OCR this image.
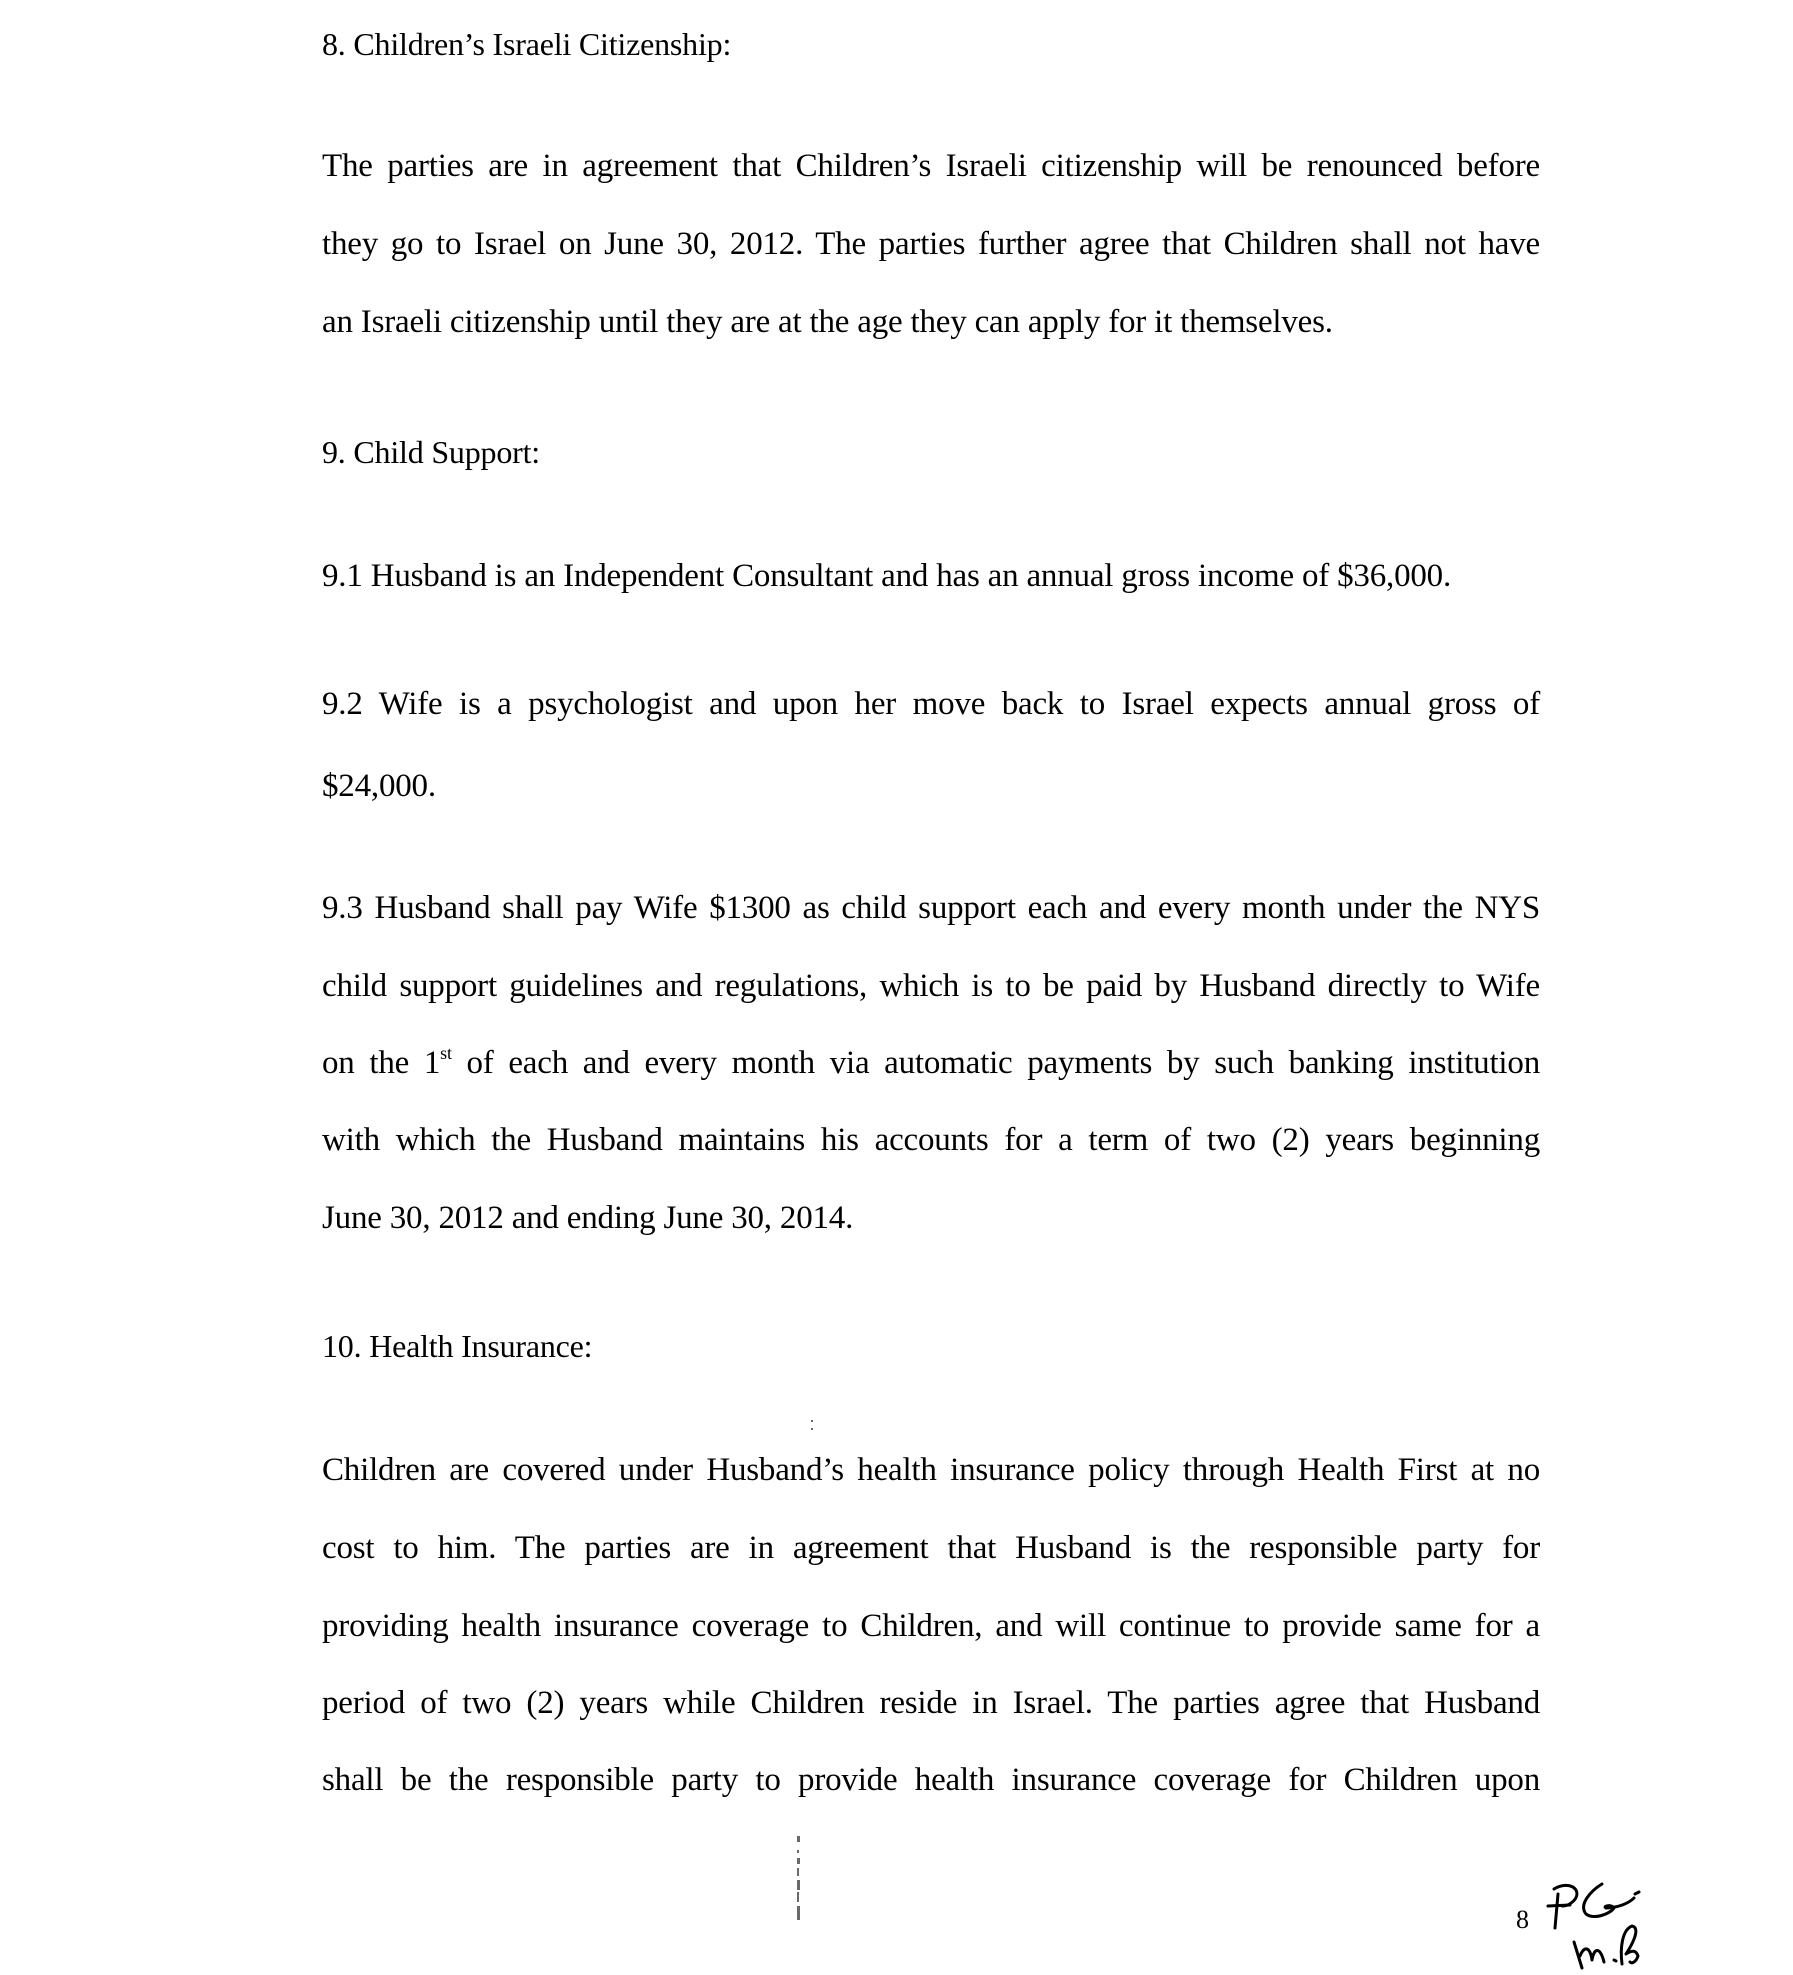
8. Children’s Israeli Citizenship:
The parties are in agreement that Children’s Israeli citizenship will be renounced before
they go to Israel on June 30, 2012. The parties further agree that Children shall not have
an Israeli citizenship until they are at the age they can apply for it themselves.
9. Child Support:
9.1 Husband is an Independent Consultant and has an annual gross income of $36,000.
9.2 Wife is a psychologist and upon her move back to Israel expects annual gross of
$24,000.
9.3 Husband shall pay Wife $1300 as child support each and every month under the NYS
child support guidelines and regulations, which is to be paid by Husband directly to Wife
on the 1st of each and every month via automatic payments by such banking institution
with which the Husband maintains his accounts for a term of two (2) years beginning
June 30, 2012 and ending June 30, 2014.
10. Health Insurance:
Children are covered under Husband’s health insurance policy through Health First at no
cost to him. The parties are in agreement that Husband is the responsible party for
providing health insurance coverage to Children, and will continue to provide same for a
period of two (2) years while Children reside in Israel. The parties agree that Husband
shall be the responsible party to provide health insurance coverage for Children upon
8
